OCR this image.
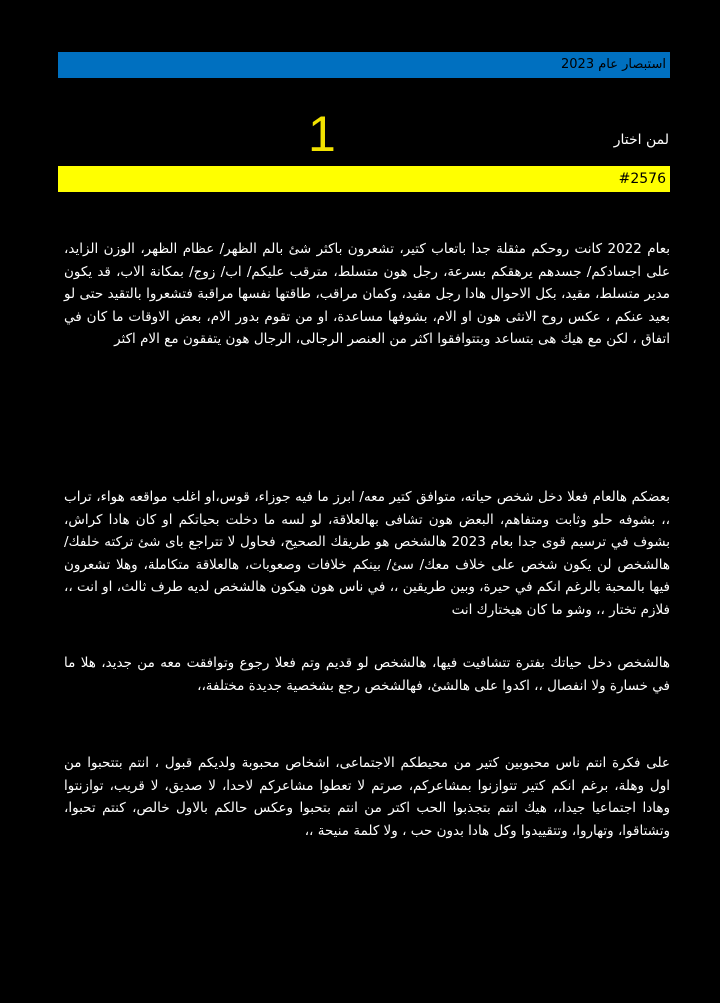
استبصار عام 2023
لمن اختار
1
#2576
بعام 2022 كانت روحكم مثقلة جدا باتعاب كتير، تشعرون باكثر شئ بالم الظهر/ عظام الظهر، الوزن الزايد، على اجسادكم/ جسدهم يرهقكم بسرعة، رجل هون متسلط، مترقب عليكم/ اب/ زوج/ بمكانة الاب، قد يكون مدير متسلط، مقيد، بكل الاحوال هادا رجل مقيد، وكمان مراقب، طاقتها نفسها مراقبة فتشعروا بالتقيد حتى لو بعيد عنكم ، عكس روح الانثى هون او الام، بشوفها مساعدة، او من تقوم بدور الام، بعض الاوقات ما كان في اتفاق ، لكن مع هيك هى بتساعد وبتتوافقوا اكثر من العنصر الرجالى، الرجال هون يتفقون مع الام اكثر
بعضكم هالعام فعلا دخل شخص حياته، متوافق كتير معه/ ابرز ما فيه جوزاء، قوس،او اغلب مواقعه هواء، تراب ،، بشوفه حلو وثابت ومتفاهم، البعض هون تشافى بهالعلاقة، لو لسه ما دخلت بحياتكم او كان هادا كراش، بشوف في ترسيم قوى جدا بعام 2023 هالشخص هو طريقك الصحيح، فحاول لا تتراجع باى شئ تركته خلفك/ هالشخص لن يكون شخص على خلاف معك/ سئ/ بينكم خلافات وصعوبات، هالعلاقة متكاملة، وهلا تشعرون فيها بالمحبة بالرغم انكم في حيرة، وبين طريقين ،، في ناس هون هيكون هالشخص لديه طرف ثالث، او انت ،، فلازم تختار ،، وشو ما كان هيختارك انت
هالشخص دخل حياتك بفترة تتشافيت فيها، هالشخص لو قديم وتم فعلا رجوع وتوافقت معه من جديد، هلا ما في خسارة ولا انفصال ،، اكدوا على هالشئ، فهالشخص رجع بشخصية جديدة مختلفة،،
على فكرة انتم ناس محبوبين كتير من محيطكم الاجتماعى، اشخاص محبوبة ولديكم قبول ، انتم بتتحبوا من اول وهلة، برغم انكم كتير تتوازنوا بمشاعركم، صرتم لا تعطوا مشاعركم لاحدا، لا صديق، لا قريب، توازنتوا وهادا اجتماعيا جيدا،، هيك انتم بتجذبوا الحب اكتر من انتم بتحبوا وعكس حالكم بالاول خالص، كنتم تحبوا، وتشتاقوا، وتهاروا، وتتقييدوا وكل هادا بدون حب ، ولا كلمة منيحة ،،
